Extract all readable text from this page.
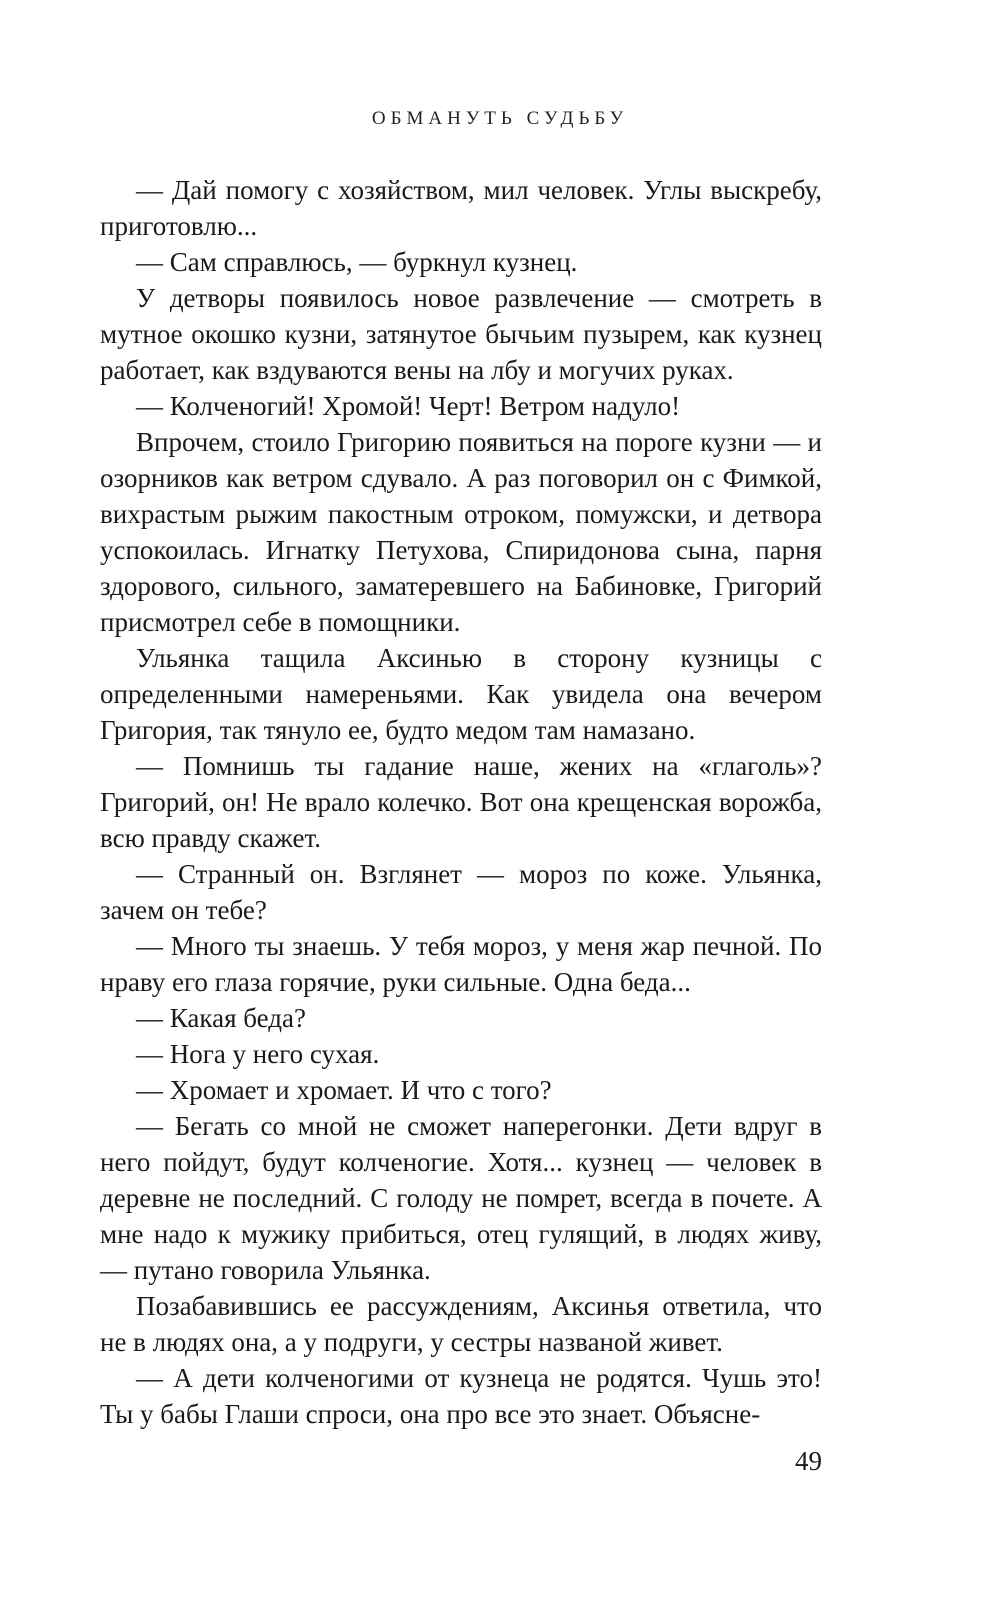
ОБМАНУТЬ СУДЬБУ

— Дай помогу с хозяйством, мил человек. Углы выскребу, приготовлю...

— Сам справлюсь, — буркнул кузнец.

У детворы появилось новое развлечение — смотреть в мутное окошко кузни, затянутое бычьим пузырем, как кузнец работает, как вздуваются вены на лбу и могучих руках.

— Колченогий! Хромой! Черт! Ветром надуло!

Впрочем, стоило Григорию появиться на пороге кузни — и озорников как ветром сдувало. А раз поговорил он с Фимкой, вихрастым рыжим пакостным отроком, помужски, и детвора успокоилась. Игнатку Петухова, Спиридонова сына, парня здорового, сильного, заматеревшего на Бабиновке, Григорий присмотрел себе в помощники.

Ульянка тащила Аксинью в сторону кузницы с определенными намереньями. Как увидела она вечером Григория, так тянуло ее, будто медом там намазано.

— Помнишь ты гадание наше, жених на «глаголь»? Григорий, он! Не врало колечко. Вот она крещенская ворожба, всю правду скажет.

— Странный он. Взглянет — мороз по коже. Ульянка, зачем он тебе?

— Много ты знаешь. У тебя мороз, у меня жар печной. По нраву его глаза горячие, руки сильные. Одна беда...

— Какая беда?

— Нога у него сухая.

— Хромает и хромает. И что с того?

— Бегать со мной не сможет наперегонки. Дети вдруг в него пойдут, будут колченогие. Хотя... кузнец — человек в деревне не последний. С голоду не помрет, всегда в почете. А мне надо к мужику прибиться, отец гулящий, в людях живу, — путано говорила Ульянка.

Позабавившись ее рассуждениям, Аксинья ответила, что не в людях она, а у подруги, у сестры названой живет.

— А дети колченогими от кузнеца не родятся. Чушь это! Ты у бабы Глаши спроси, она про все это знает. Объясне-

49
